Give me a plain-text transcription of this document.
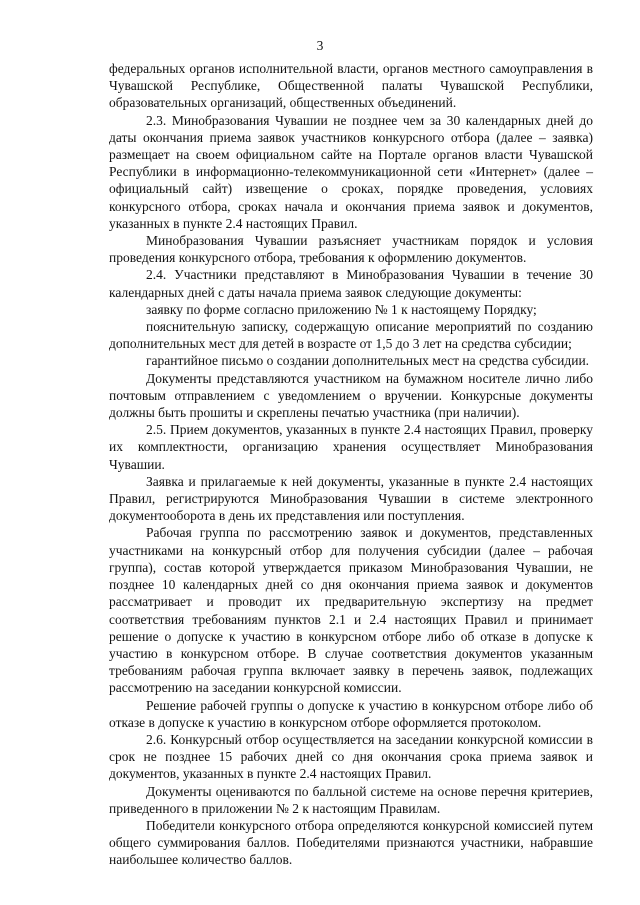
3

федеральных органов исполнительной власти, органов местного самоуправления в Чувашской Республике, Общественной палаты Чувашской Республики, образовательных организаций, общественных объединений.

2.3. Минобразования Чувашии не позднее чем за 30 календарных дней до даты окончания приема заявок участников конкурсного отбора (далее – заявка) размещает на своем официальном сайте на Портале органов власти Чувашской Республики в информационно-телекоммуникационной сети «Интернет» (далее – официальный сайт) извещение о сроках, порядке проведения, условиях конкурсного отбора, сроках начала и окончания приема заявок и документов, указанных в пункте 2.4 настоящих Правил.

Минобразования Чувашии разъясняет участникам порядок и условия проведения конкурсного отбора, требования к оформлению документов.

2.4. Участники представляют в Минобразования Чувашии в течение 30 календарных дней с даты начала приема заявок следующие документы:

заявку по форме согласно приложению № 1 к настоящему Порядку;

пояснительную записку, содержащую описание мероприятий по созданию дополнительных мест для детей в возрасте от 1,5 до 3 лет на средства субсидии;

гарантийное письмо о создании дополнительных мест на средства субсидии.

Документы представляются участником на бумажном носителе лично либо почтовым отправлением с уведомлением о вручении. Конкурсные документы должны быть прошиты и скреплены печатью участника (при наличии).

2.5. Прием документов, указанных в пункте 2.4 настоящих Правил, проверку их комплектности, организацию хранения осуществляет Минобразования Чувашии.

Заявка и прилагаемые к ней документы, указанные в пункте 2.4 настоящих Правил, регистрируются Минобразования Чувашии в системе электронного документооборота в день их представления или поступления.

Рабочая группа по рассмотрению заявок и документов, представленных участниками на конкурсный отбор для получения субсидии (далее – рабочая группа), состав которой утверждается приказом Минобразования Чувашии, не позднее 10 календарных дней со дня окончания приема заявок и документов рассматривает и проводит их предварительную экспертизу на предмет соответствия требованиям пунктов 2.1 и 2.4 настоящих Правил и принимает решение о допуске к участию в конкурсном отборе либо об отказе в допуске к участию в конкурсном отборе. В случае соответствия документов указанным требованиям рабочая группа включает заявку в перечень заявок, подлежащих рассмотрению на заседании конкурсной комиссии.

Решение рабочей группы о допуске к участию в конкурсном отборе либо об отказе в допуске к участию в конкурсном отборе оформляется протоколом.

2.6. Конкурсный отбор осуществляется на заседании конкурсной комиссии в срок не позднее 15 рабочих дней со дня окончания срока приема заявок и документов, указанных в пункте 2.4 настоящих Правил.

Документы оцениваются по балльной системе на основе перечня критериев, приведенного в приложении № 2 к настоящим Правилам.

Победители конкурсного отбора определяются конкурсной комиссией путем общего суммирования баллов. Победителями признаются участники, набравшие наибольшее количество баллов.
